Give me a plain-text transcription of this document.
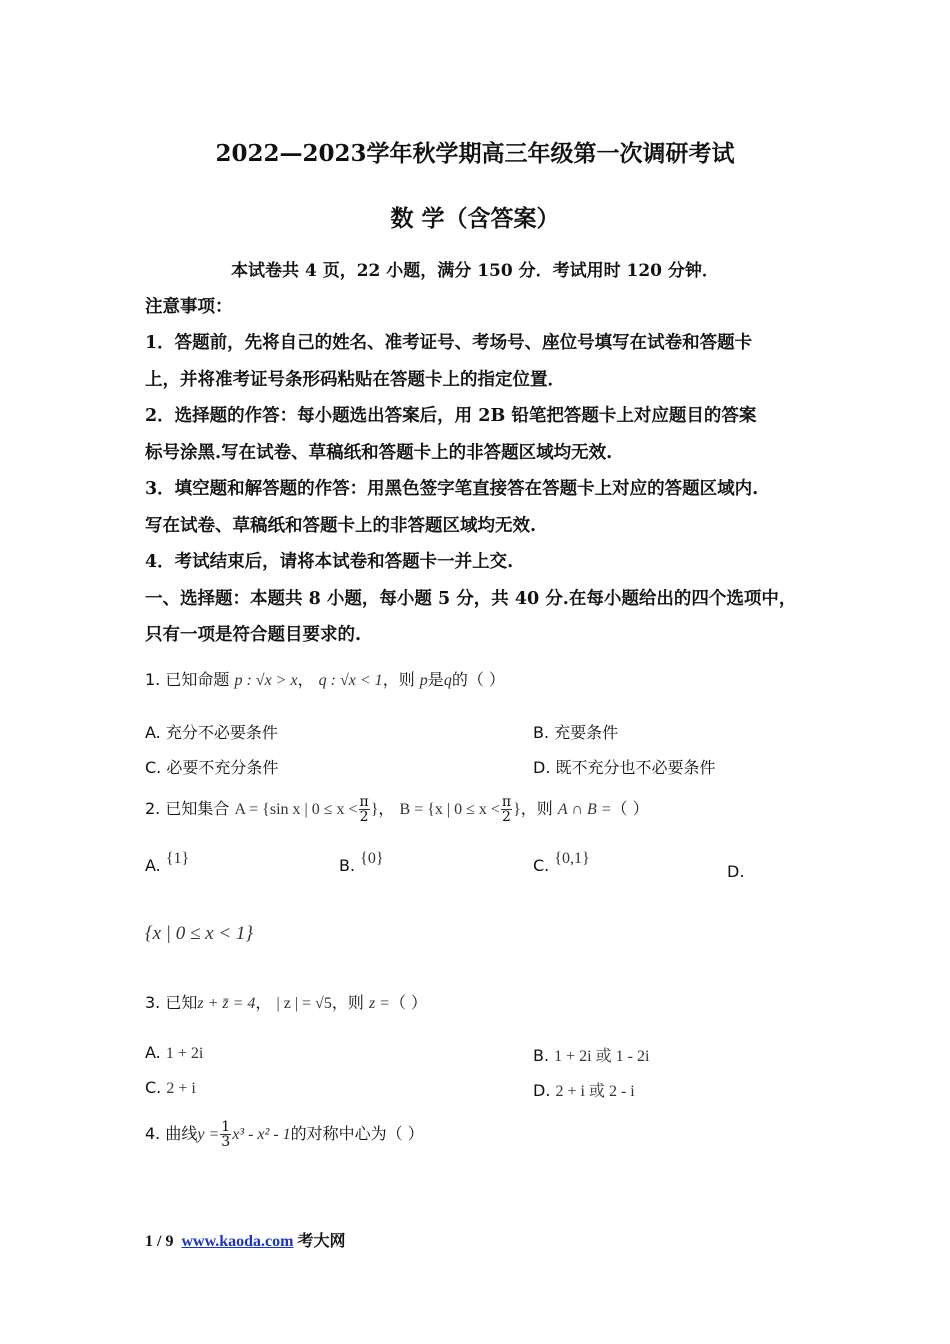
2022—2023学年秋学期高三年级第一次调研考试
数 学（含答案）
本试卷共 4 页，22 小题，满分 150 分．考试用时 120 分钟．
注意事项：
1．答题前，先将自己的姓名、准考证号、考场号、座位号填写在试卷和答题卡
上，并将准考证号条形码粘贴在答题卡上的指定位置．
2．选择题的作答：每小题选出答案后，用 2B 铅笔把答题卡上对应题目的答案
标号涂黑.写在试卷、草稿纸和答题卡上的非答题区域均无效.
3．填空题和解答题的作答：用黑色签字笔直接答在答题卡上对应的答题区域内.
写在试卷、草稿纸和答题卡上的非答题区域均无效.
4．考试结束后，请将本试卷和答题卡一并上交.
一、选择题：本题共 8 小题，每小题 5 分，共 40 分.在每小题给出的四个选项中，
只有一项是符合题目要求的.
1. 已知命题 p : √x > x， q : √x < 1，则 p是q的（ ）
A. 充分不必要条件	B. 充要条件
C. 必要不充分条件	D. 既不充分也不必要条件
2. 已知集合 A = {sin x | $0 \le x < \frac{\pi}{2}$ }， B = {x | $0 \le x < \frac{\pi}{2}$ }，则 A ∩ B =（ ）
A. {1}	B. {0}	C. {0,1}
D.
{x | 0 ≤ x < 1}
3. 已知z + z̄ = 4， | z | = √5，则 z =（ ）
A. 1 + 2i	B. 1 + 2i 或 1 - 2i
C. 2 + i	D. 2 + i 或 2 - i
4. 曲线$y = \frac{1}{3} x^3 - x^2 - 1$的对称中心为（ ）
1 / 9 www.kaoda.com 考大网
